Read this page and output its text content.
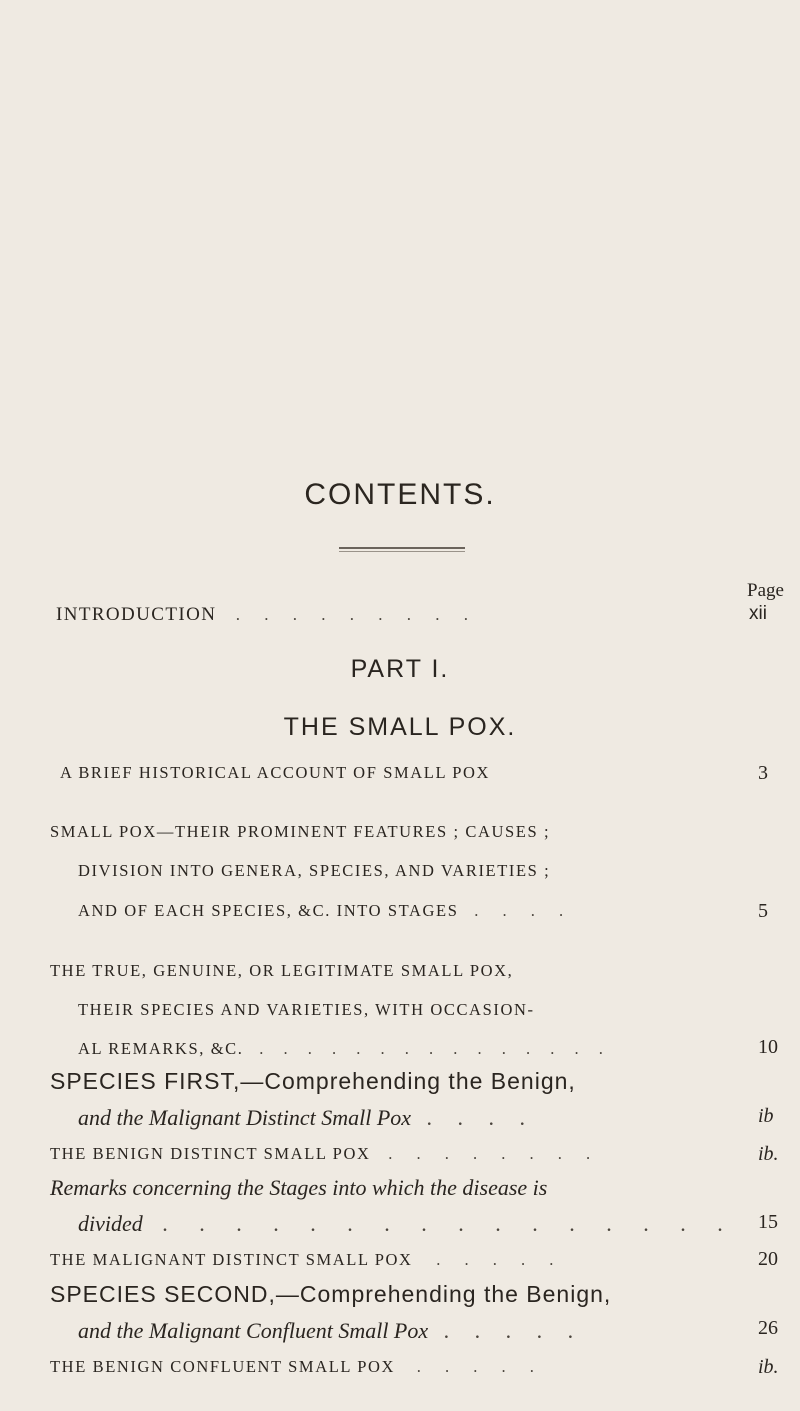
CONTENTS.
Page
INTRODUCTION . . . . . . . . .	xii
PART I.
THE SMALL POX.
A BRIEF HISTORICAL ACCOUNT OF SMALL POX	3
SMALL POX—THEIR PROMINENT FEATURES ; CAUSES ;
DIVISION INTO GENERA, SPECIES, AND VARIETIES ;
AND OF EACH SPECIES, &C. INTO STAGES . . . .	5
THE TRUE, GENUINE, OR LEGITIMATE SMALL POX,
THEIR SPECIES AND VARIETIES, WITH OCCASION-
AL REMARKS, &C. . . . . . . . . . . . . . . .	10
SPECIES FIRST,—Comprehending the Benign,
and the Malignant Distinct Small Pox . . . .	ib
THE BENIGN DISTINCT SMALL POX . . . . . . . .	ib.
Remarks concerning the Stages into which the disease is
divided . . . . . . . . . . . . . . . . 15
THE MALIGNANT DISTINCT SMALL POX . . . . .	20
SPECIES SECOND,—Comprehending the Benign,
and the Malignant Confluent Small Pox . . . . .	26
THE BENIGN CONFLUENT SMALL POX . . . . .	ib.
